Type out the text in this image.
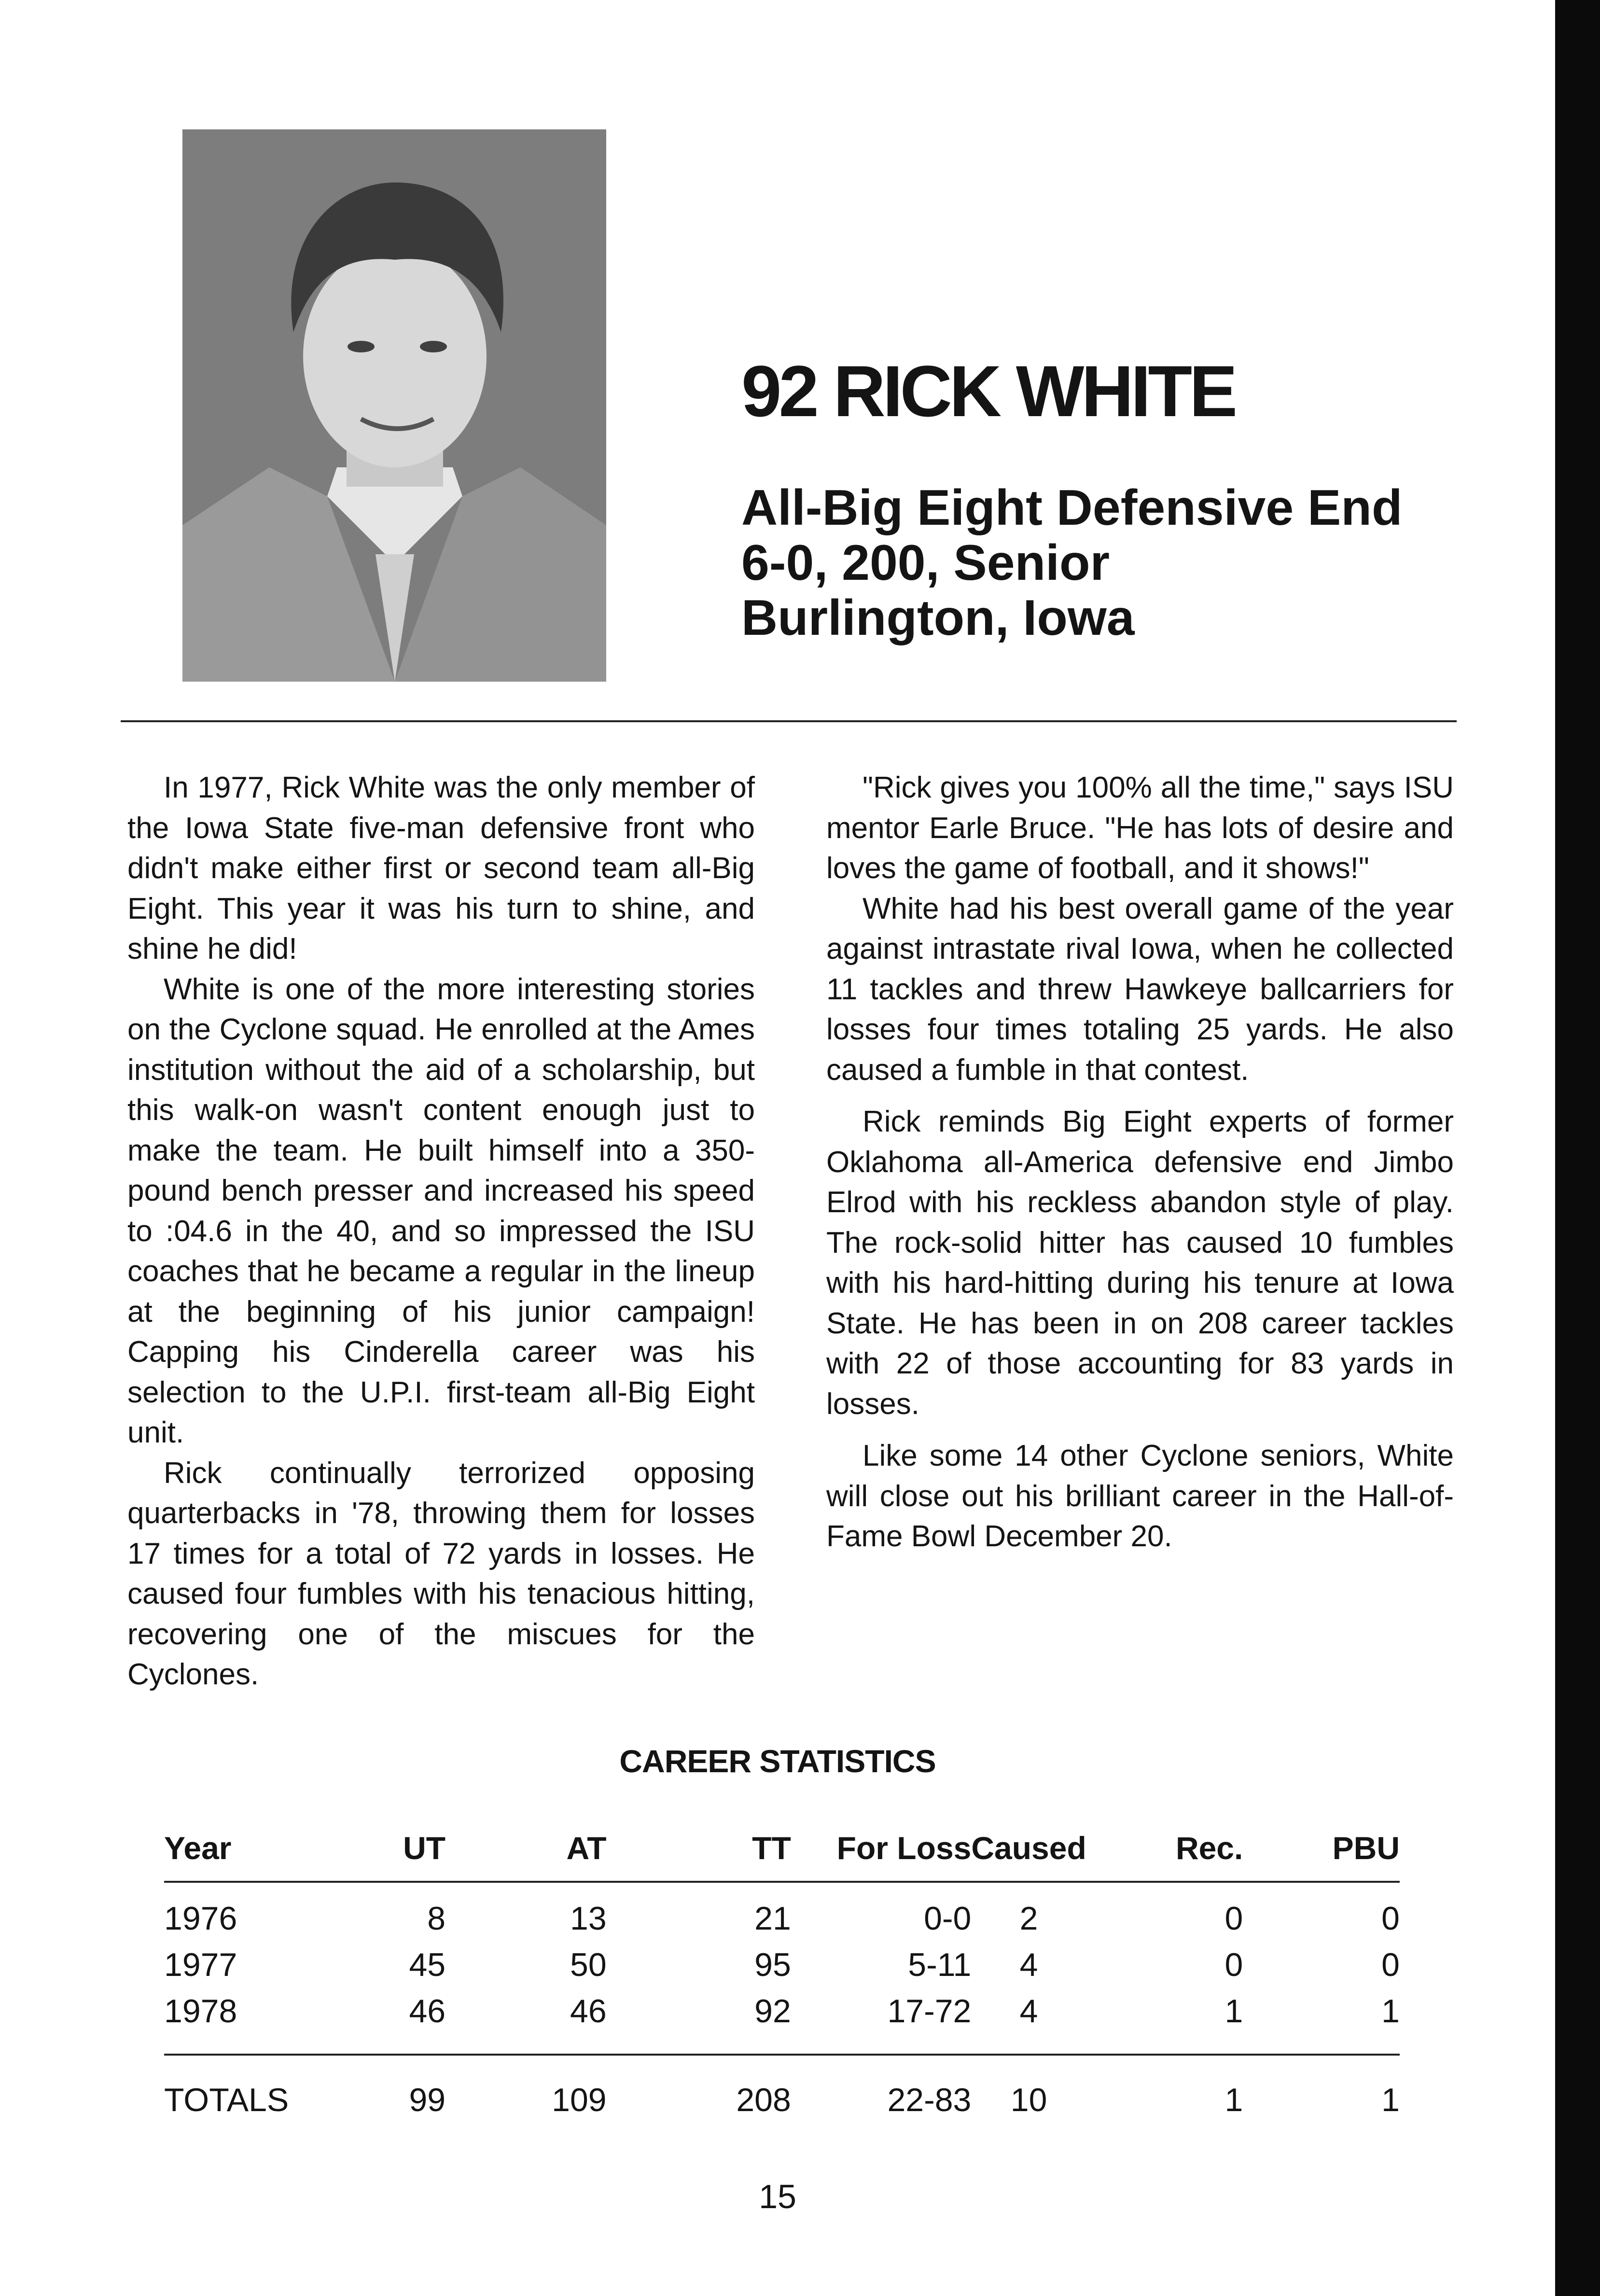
92 RICK WHITE
All-Big Eight Defensive End
6-0, 200, Senior
Burlington, Iowa

In 1977, Rick White was the only member of the Iowa State five-man defensive front who didn't make either first or second team all-Big Eight. This year it was his turn to shine, and shine he did!

White is one of the more interesting stories on the Cyclone squad. He enrolled at the Ames institution without the aid of a scholarship, but this walk-on wasn't content enough just to make the team. He built himself into a 350-pound bench presser and increased his speed to :04.6 in the 40, and so impressed the ISU coaches that he became a regular in the lineup at the beginning of his junior campaign! Capping his Cinderella career was his selection to the U.P.I. first-team all-Big Eight unit.

Rick continually terrorized opposing quarterbacks in '78, throwing them for losses 17 times for a total of 72 yards in losses. He caused four fumbles with his tenacious hitting, recovering one of the miscues for the Cyclones.

"Rick gives you 100% all the time," says ISU mentor Earle Bruce. "He has lots of desire and loves the game of football, and it shows!"

White had his best overall game of the year against intrastate rival Iowa, when he collected 11 tackles and threw Hawkeye ballcarriers for losses four times totaling 25 yards. He also caused a fumble in that contest.

Rick reminds Big Eight experts of former Oklahoma all-America defensive end Jimbo Elrod with his reckless abandon style of play. The rock-solid hitter has caused 10 fumbles with his hard-hitting during his tenure at Iowa State. He has been in on 208 career tackles with 22 of those accounting for 83 yards in losses.

Like some 14 other Cyclone seniors, White will close out his brilliant career in the Hall-of-Fame Bowl December 20.

CAREER STATISTICS
Year	UT	AT	TT	For Loss	Caused	Rec.	PBU
1976	8	13	21	0-0	2	0	0
1977	45	50	95	5-11	4	0	0
1978	46	46	92	17-72	4	1	1
TOTALS	99	109	208	22-83	10	1	1
15
